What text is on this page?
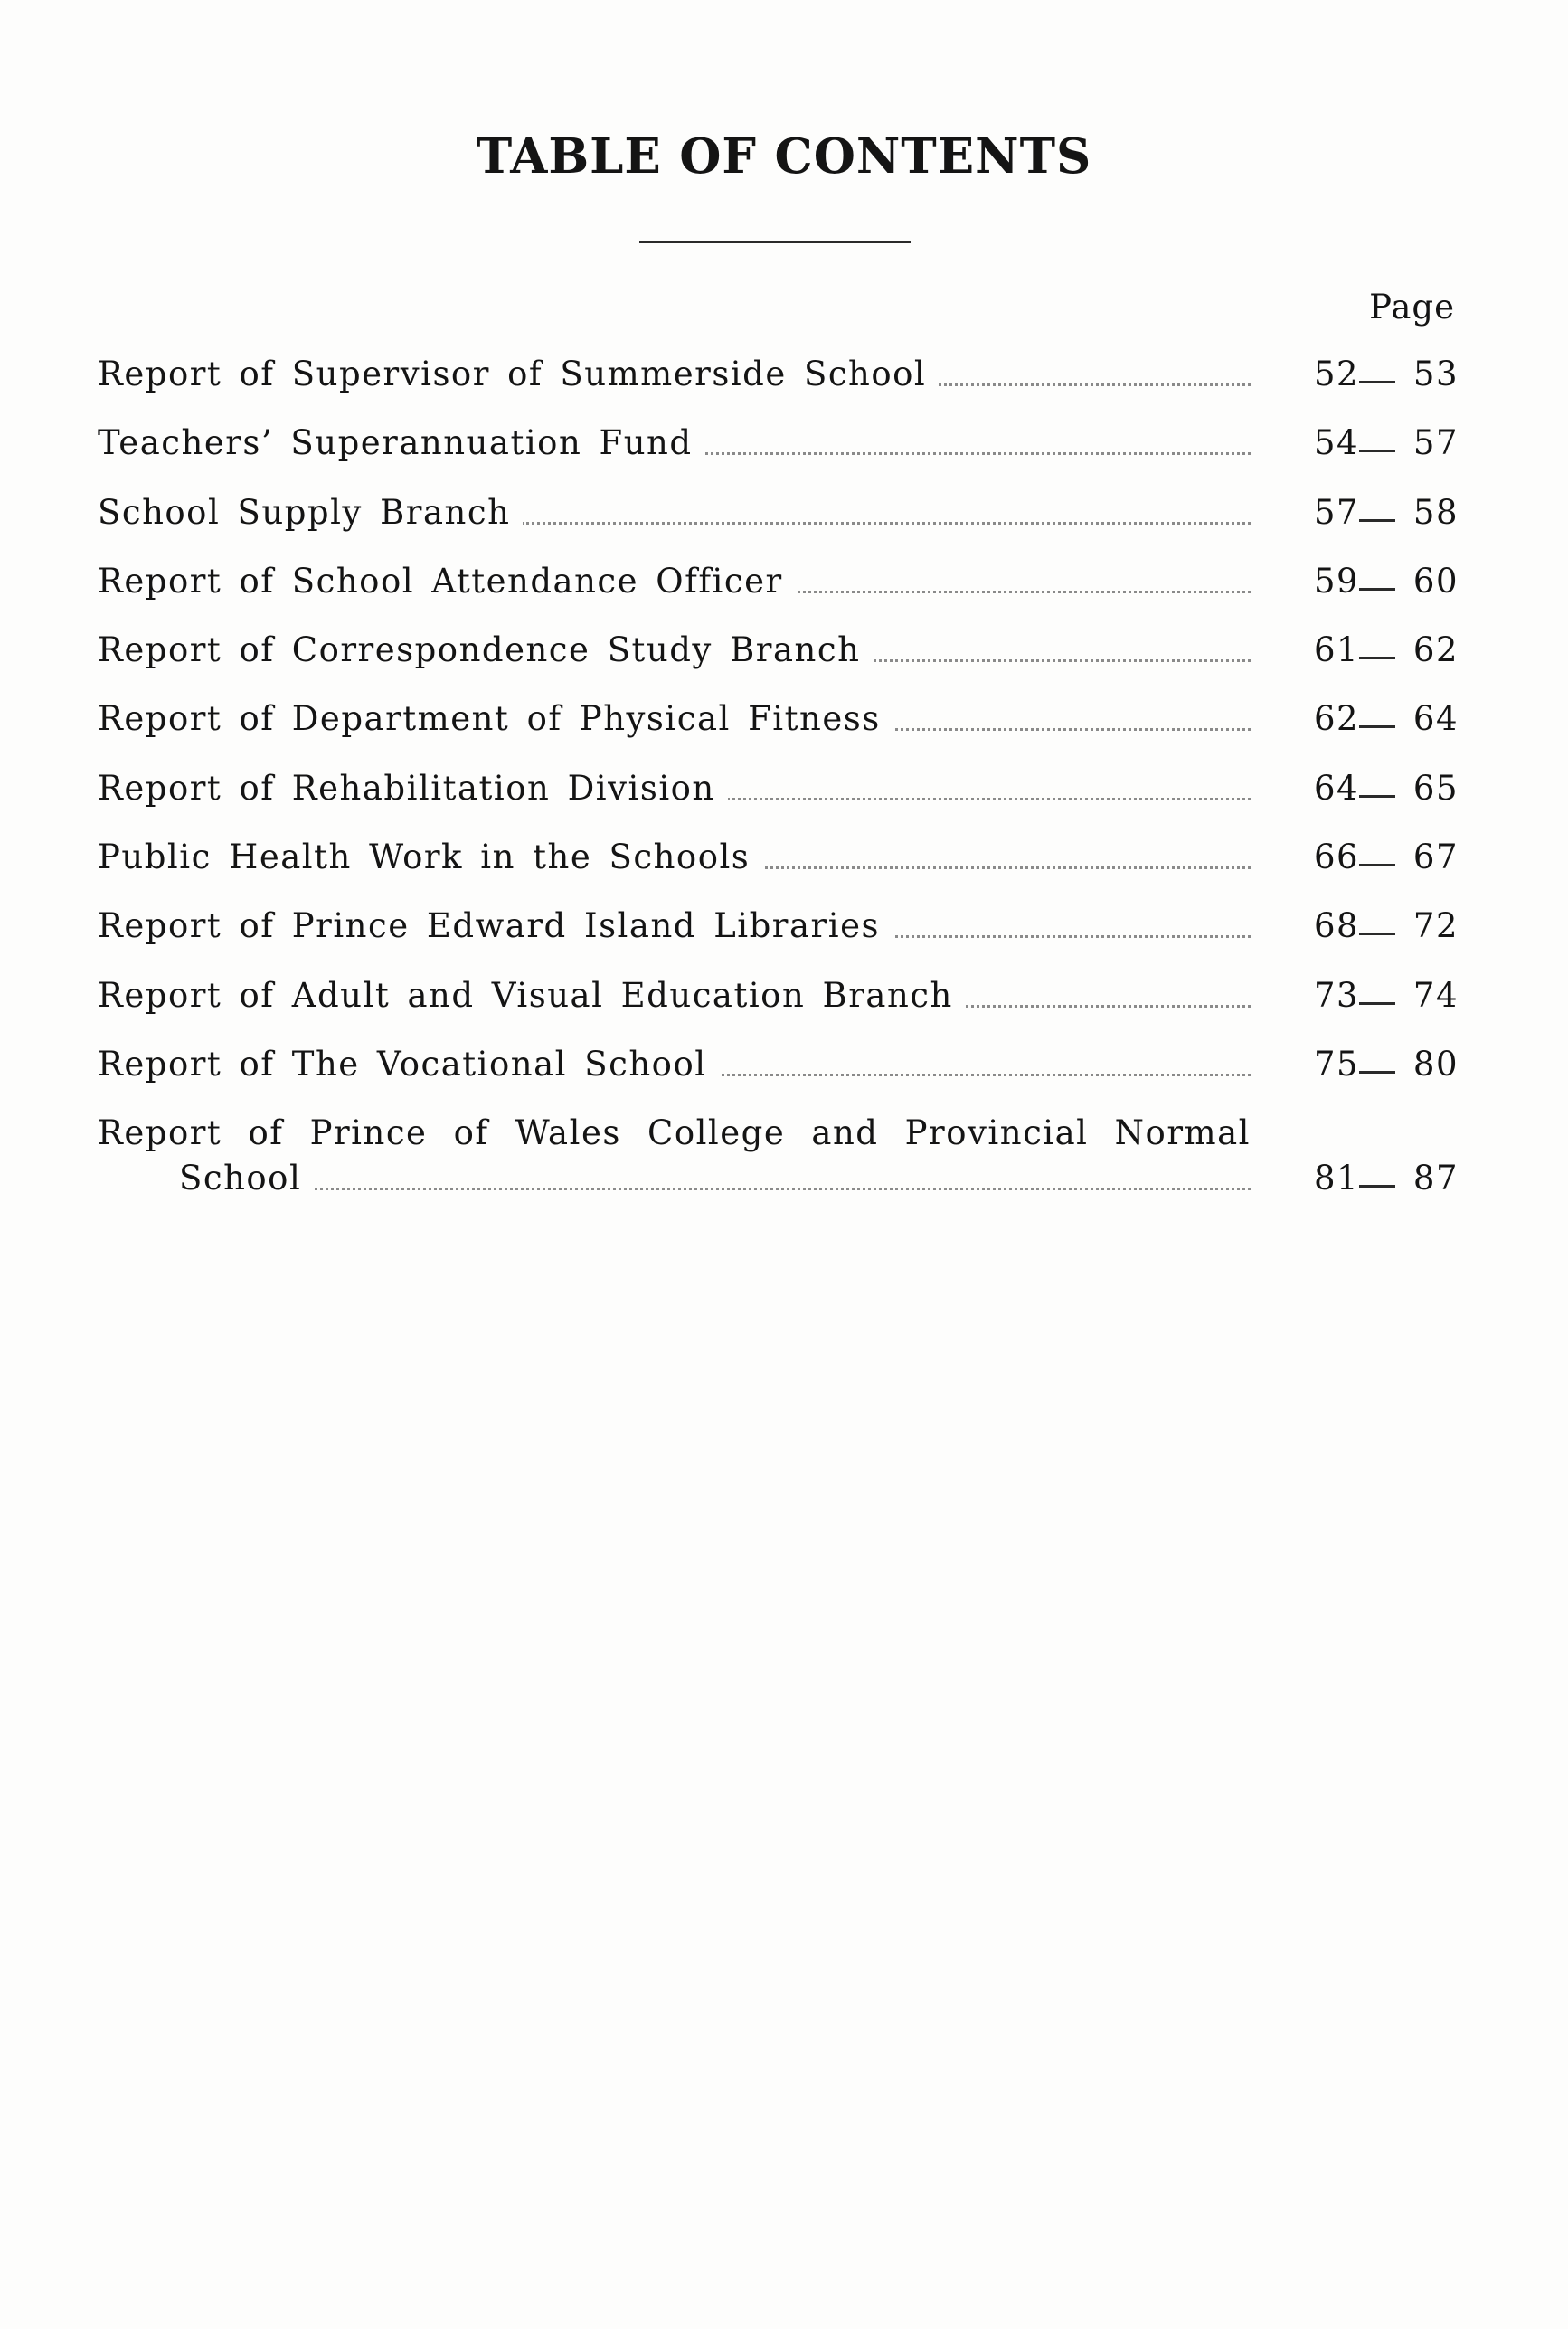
TABLE OF CONTENTS
Page
Report of Supervisor of Summerside School	52 53
Teachers’ Superannuation Fund	54 57
School Supply Branch	57 58
Report of School Attendance Officer	59 60
Report of Correspondence Study Branch	61 62
Report of Department of Physical Fitness	62 64
Report of Rehabilitation Division	64 65
Public Health Work in the Schools	66 67
Report of Prince Edward Island Libraries	68 72
Report of Adult and Visual Education Branch	73 74
Report of The Vocational School	75 80
Report of Prince of Wales College and Provincial Normal
School	81 87
